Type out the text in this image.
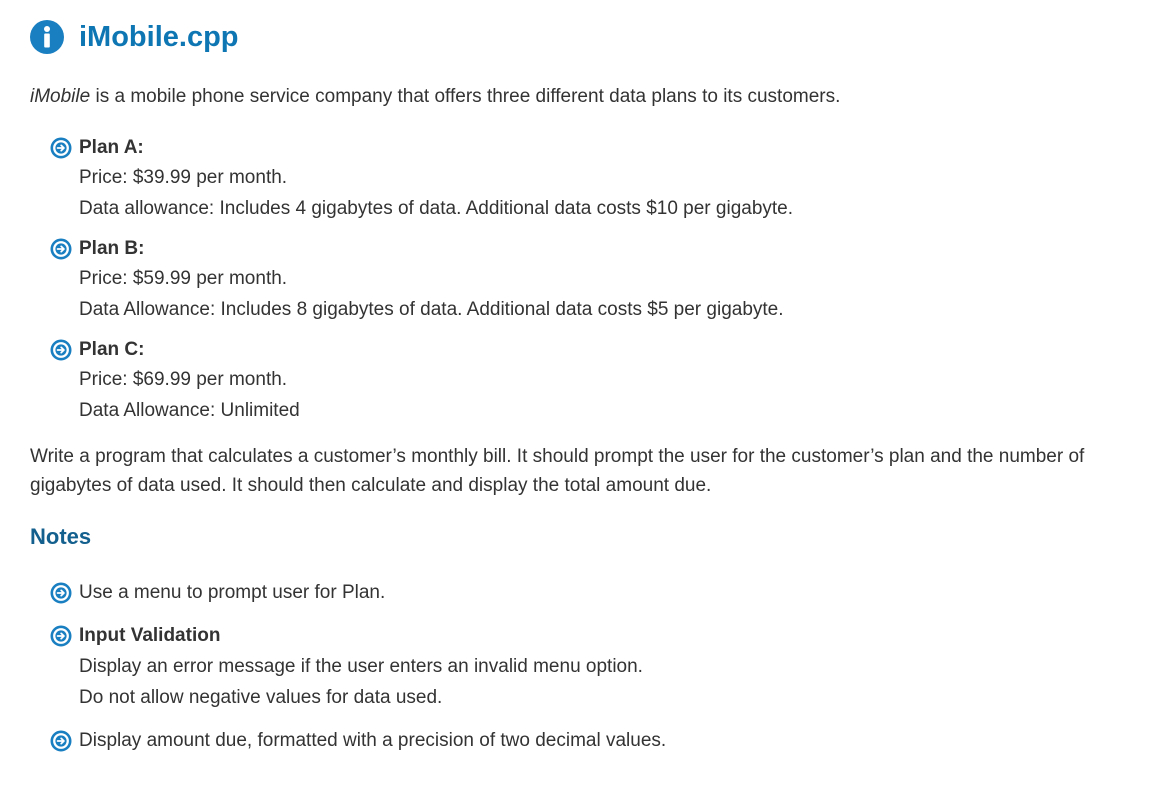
iMobile.cpp
iMobile is a mobile phone service company that offers three different data plans to its customers.
Plan A:
Price: $39.99 per month.
Data allowance: Includes 4 gigabytes of data. Additional data costs $10 per gigabyte.
Plan B:
Price: $59.99 per month.
Data Allowance: Includes 8 gigabytes of data. Additional data costs $5 per gigabyte.
Plan C:
Price: $69.99 per month.
Data Allowance: Unlimited
Write a program that calculates a customer’s monthly bill. It should prompt the user for the customer’s plan and the number of gigabytes of data used. It should then calculate and display the total amount due.
Notes
Use a menu to prompt user for Plan.
Input Validation
Display an error message if the user enters an invalid menu option.
Do not allow negative values for data used.
Display amount due, formatted with a precision of two decimal values.
